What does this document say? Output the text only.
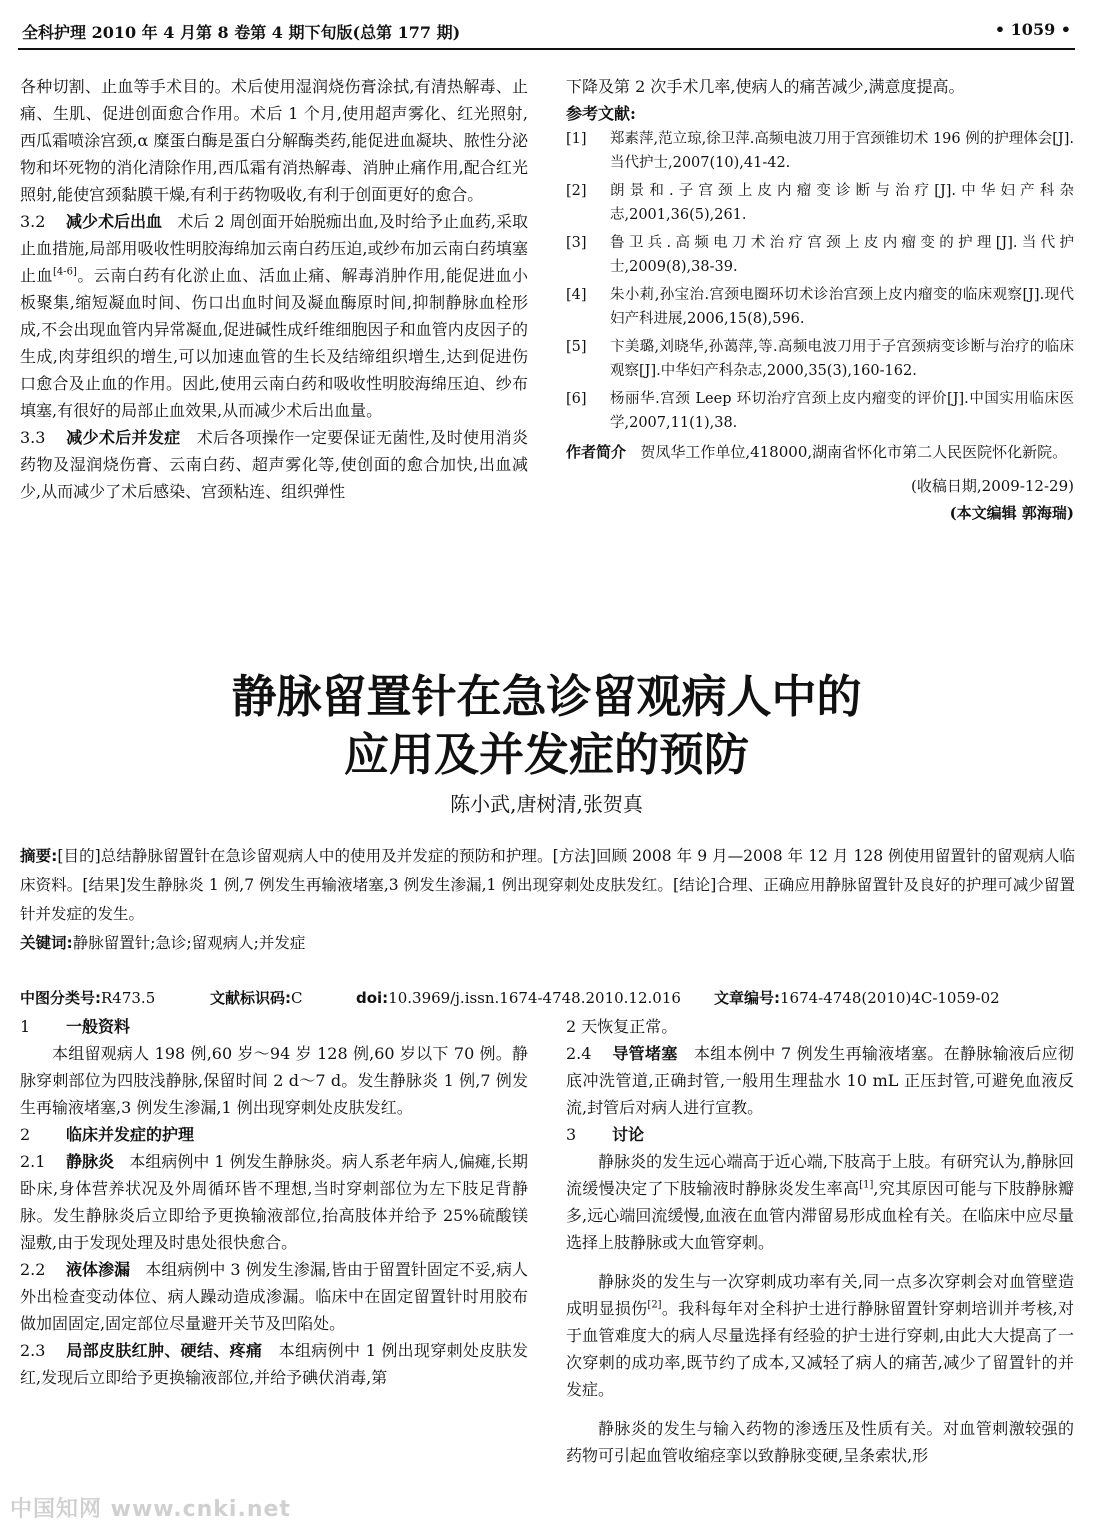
全科护理 2010 年 4 月第 8 卷第 4 期下旬版(总第 177 期)	• 1059 •

各种切割、止血等手术目的。术后使用湿润烧伤膏涂拭,有清热解毒、止痛、生肌、促进创面愈合作用。术后 1 个月,使用超声雾化、红光照射,西瓜霜喷涂宫颈,α 糜蛋白酶是蛋白分解酶类药,能促进血凝块、脓性分泌物和坏死物的消化清除作用,西瓜霜有消热解毒、消肿止痛作用,配合红光照射,能使宫颈黏膜干燥,有利于药物吸收,有利于创面更好的愈合。

3.2 减少术后出血 术后 2 周创面开始脱痂出血,及时给予止血药,采取止血措施,局部用吸收性明胶海绵加云南白药压迫,或纱布加云南白药填塞止血[4-6]。云南白药有化淤止血、活血止痛、解毒消肿作用,能促进血小板聚集,缩短凝血时间、伤口出血时间及凝血酶原时间,抑制静脉血栓形成,不会出现血管内异常凝血,促进碱性成纤维细胞因子和血管内皮因子的生成,肉芽组织的增生,可以加速血管的生长及结缔组织增生,达到促进伤口愈合及止血的作用。因此,使用云南白药和吸收性明胶海绵压迫、纱布填塞,有很好的局部止血效果,从而减少术后出血量。

3.3 减少术后并发症 术后各项操作一定要保证无菌性,及时使用消炎药物及湿润烧伤膏、云南白药、超声雾化等,使创面的愈合加快,出血减少,从而减少了术后感染、宫颈粘连、组织弹性

下降及第 2 次手术几率,使病人的痛苦减少,满意度提高。

参考文献:

[1]	郑素萍,范立琼,徐卫萍.高频电波刀用于宫颈锥切术 196 例的护理体会[J].当代护士,2007(10),41-42.
[2]	朗景和.子宫颈上皮内瘤变诊断与治疗[J].中华妇产科杂志,2001,36(5),261.
[3]	鲁卫兵.高频电刀术治疗宫颈上皮内瘤变的护理[J].当代护士,2009(8),38-39.
[4]	朱小莉,孙宝治.宫颈电圈环切术诊治宫颈上皮内瘤变的临床观察[J].现代妇产科进展,2006,15(8),596.
[5]	卞美璐,刘晓华,孙蔼萍,等.高频电波刀用于子宫颈病变诊断与治疗的临床观察[J].中华妇产科杂志,2000,35(3),160-162.
[6]	杨丽华.宫颈 Leep 环切治疗宫颈上皮内瘤变的评价[J].中国实用临床医学,2007,11(1),38.

作者简介 贺凤华工作单位,418000,湖南省怀化市第二人民医院怀化新院。

(收稿日期,2009-12-29)

(本文编辑 郭海瑞)

静脉留置针在急诊留观病人中的
应用及并发症的预防
陈小武,唐树清,张贺真
摘要:[目的]总结静脉留置针在急诊留观病人中的使用及并发症的预防和护理。[方法]回顾 2008 年 9 月—2008 年 12 月 128 例使用留置针的留观病人临床资料。[结果]发生静脉炎 1 例,7 例发生再输液堵塞,3 例发生渗漏,1 例出现穿刺处皮肤发红。[结论]合理、正确应用静脉留置针及良好的护理可减少留置针并发症的发生。
关键词:静脉留置针;急诊;留观病人;并发症
中图分类号:R473.5	文献标识码:C	doi:10.3969/j.issn.1674-4748.2010.12.016 文章编号:1674-4748(2010)4C-1059-02

1 一般资料

本组留观病人 198 例,60 岁～94 岁 128 例,60 岁以下 70 例。静脉穿刺部位为四肢浅静脉,保留时间 2 d～7 d。发生静脉炎 1 例,7 例发生再输液堵塞,3 例发生渗漏,1 例出现穿刺处皮肤发红。

2 临床并发症的护理

2.1 静脉炎 本组病例中 1 例发生静脉炎。病人系老年病人,偏瘫,长期卧床,身体营养状况及外周循环皆不理想,当时穿刺部位为左下肢足背静脉。发生静脉炎后立即给予更换输液部位,抬高肢体并给予 25%硫酸镁湿敷,由于发现处理及时患处很快愈合。

2.2 液体渗漏 本组病例中 3 例发生渗漏,皆由于留置针固定不妥,病人外出检查变动体位、病人躁动造成渗漏。临床中在固定留置针时用胶布做加固固定,固定部位尽量避开关节及凹陷处。

2.3 局部皮肤红肿、硬结、疼痛 本组病例中 1 例出现穿刺处皮肤发红,发现后立即给予更换输液部位,并给予碘伏消毒,第

2 天恢复正常。

2.4 导管堵塞 本组本例中 7 例发生再输液堵塞。在静脉输液后应彻底冲洗管道,正确封管,一般用生理盐水 10 mL 正压封管,可避免血液反流,封管后对病人进行宣教。

3 讨论

静脉炎的发生远心端高于近心端,下肢高于上肢。有研究认为,静脉回流缓慢决定了下肢输液时静脉炎发生率高[1],究其原因可能与下肢静脉瓣多,远心端回流缓慢,血液在血管内滞留易形成血栓有关。在临床中应尽量选择上肢静脉或大血管穿刺。

静脉炎的发生与一次穿刺成功率有关,同一点多次穿刺会对血管壁造成明显损伤[2]。我科每年对全科护士进行静脉留置针穿刺培训并考核,对于血管难度大的病人尽量选择有经验的护士进行穿刺,由此大大提高了一次穿刺的成功率,既节约了成本,又减轻了病人的痛苦,减少了留置针的并发症。

静脉炎的发生与输入药物的渗透压及性质有关。对血管刺激较强的药物可引起血管收缩痉挛以致静脉变硬,呈条索状,形

中国知网 www.cnki.net
